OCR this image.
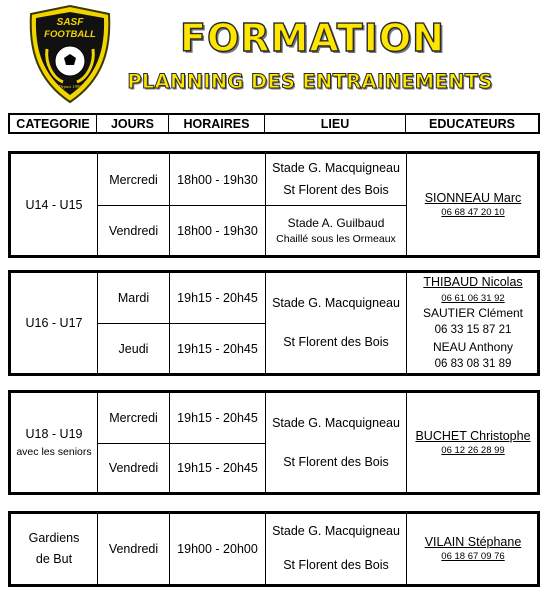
SASF
FOOTBALL
Depuis 1999
FORMATION
PLANNING DES ENTRAINEMENTS
CATEGORIE	JOURS	HORAIRES	LIEU	EDUCATEURS
U14 - U15
Mercredi	18h00 - 19h30
Stade G. Macquigneau
St Florent des Bois
Vendredi	18h00 - 19h30
Stade A. Guilbaud
Chaillé sous les Ormeaux
SIONNEAU Marc
06 68 47 20 10
U16 - U17
Mardi	19h15 - 20h45
Jeudi	19h15 - 20h45
Stade G. Macquigneau
St Florent des Bois
THIBAUD Nicolas
06 61 06 31 92
SAUTIER Clément
06 33 15 87 21
NEAU Anthony
06 83 08 31 89
U18 - U19
avec les seniors
Mercredi	19h15 - 20h45
Vendredi	19h15 - 20h45
Stade G. Macquigneau
St Florent des Bois
BUCHET Christophe
06 12 26 28 99
Gardiens
de But
Vendredi	19h00 - 20h00
Stade G. Macquigneau
St Florent des Bois
VILAIN Stéphane
06 18 67 09 76
